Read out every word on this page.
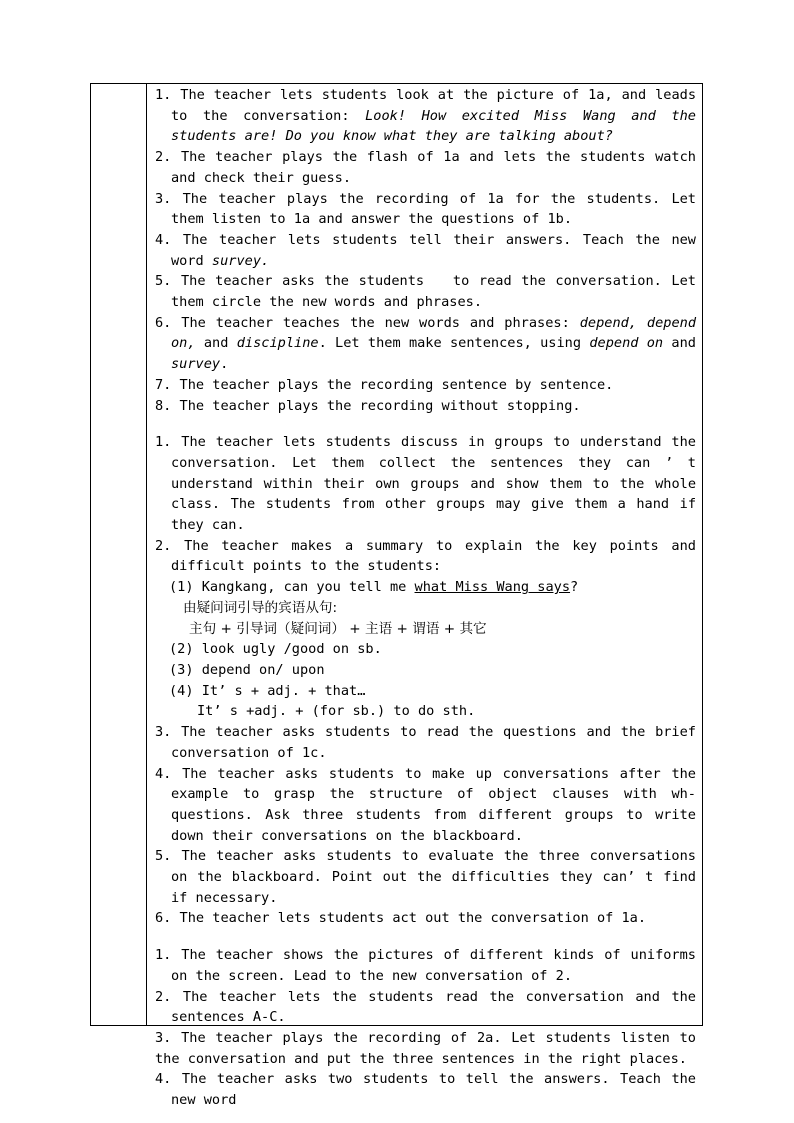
1. The teacher lets students look at the picture of 1a, and leads to the conversation: Look! How excited Miss Wang and the students are! Do you know what they are talking about?

2. The teacher plays the flash of 1a and lets the students watch and check their guess.

3. The teacher plays the recording of 1a for the students. Let them listen to 1a and answer the questions of 1b.

4. The teacher lets students tell their answers. Teach the new word survey.

5. The teacher asks the students   to read the conversation. Let them circle the new words and phrases.

6. The teacher teaches the new words and phrases: depend, depend on, and discipline. Let them make sentences, using depend on and survey.

7. The teacher plays the recording sentence by sentence.

8. The teacher plays the recording without stopping.

1. The teacher lets students discuss in groups to understand the conversation. Let them collect the sentences they can ’ t understand within their own groups and show them to the whole class. The students from other groups may give them a hand if they can.

2. The teacher makes a summary to explain the key points and difficult points to the students:

(1) Kangkang, can you tell me what Miss Wang says?

由疑问词引导的宾语从句:

主句 + 引导词（疑问词） + 主语 + 谓语 + 其它

(2) look ugly /good on sb.

(3) depend on/ upon

(4) It’ s + adj. + that…

It’ s +adj. + (for sb.) to do sth.

3. The teacher asks students to read the questions and the brief conversation of 1c.

4. The teacher asks students to make up conversations after the example to grasp the structure of object clauses with wh-questions. Ask three students from different groups to write down their conversations on the blackboard.

5. The teacher asks students to evaluate the three conversations on the blackboard. Point out the difficulties they can’ t find if necessary.

6. The teacher lets students act out the conversation of 1a.

1. The teacher shows the pictures of different kinds of uniforms on the screen. Lead to the new conversation of 2.

2. The teacher lets the students read the conversation and the sentences A-C.

3. The teacher plays the recording of 2a. Let students listen to the conversation and put the three sentences in the right places.

4. The teacher asks two students to tell the answers. Teach the new word
